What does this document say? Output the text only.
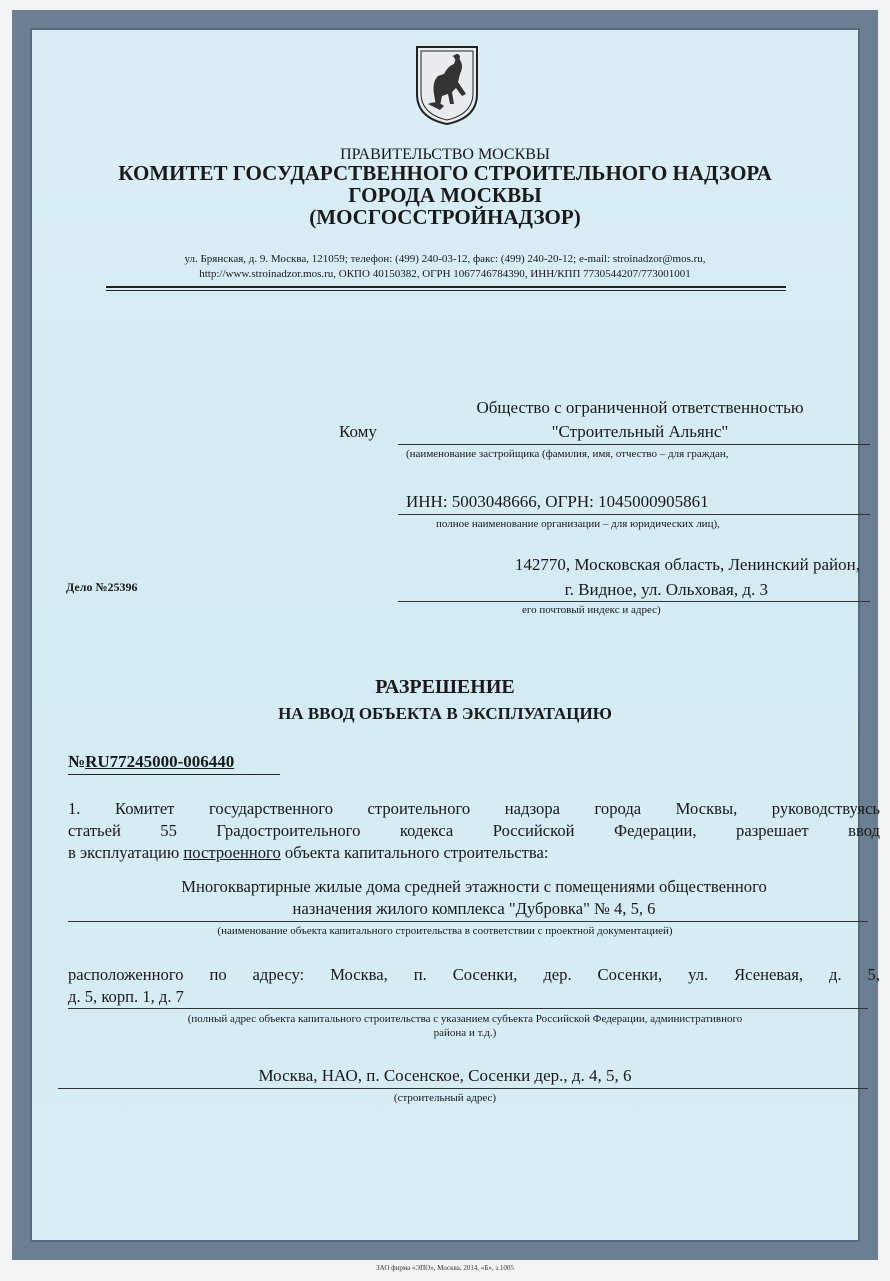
ПРАВИТЕЛЬСТВО МОСКВЫ
КОМИТЕТ ГОСУДАРСТВЕННОГО СТРОИТЕЛЬНОГО НАДЗОРА
ГОРОДА МОСКВЫ
(МОСГОССТРОЙНАДЗОР)
ул. Брянская, д. 9. Москва, 121059; телефон: (499) 240-03-12, факс: (499) 240-20-12; e-mail: stroinadzor@mos.ru,
http://www.stroinadzor.mos.ru, ОКПО 40150382, ОГРН 1067746784390, ИНН/КПП 7730544207/773001001
Кому
Общество с ограниченной ответственностью
"Строительный Альянс"
(наименование застройщика (фамилия, имя, отчество – для граждан,
ИНН: 5003048666, ОГРН: 1045000905861
полное наименование организации – для юридических лиц),
142770, Московская область, Ленинский район,
г. Видное, ул. Ольховая, д. 3
его почтовый индекс и адрес)
Дело №25396
РАЗРЕШЕНИЕ
НА ВВОД ОБЪЕКТА В ЭКСПЛУАТАЦИЮ
№RU77245000-006440
1. Комитет государственного строительного надзора города Москвы, руководствуясь
статьей 55 Градостроительного кодекса Российской Федерации, разрешает ввод
в эксплуатацию построенного объекта капитального строительства:
Многоквартирные жилые дома средней этажности с помещениями общественного
назначения жилого комплекса "Дубровка" № 4, 5, 6
(наименование объекта капитального строительства в соответствии с проектной документацией)
расположенного по адресу: Москва, п. Сосенки, дер. Сосенки, ул. Ясеневая, д. 5,
д. 5, корп. 1, д. 7
(полный адрес объекта капитального строительства с указанием субъекта Российской Федерации, административного
района и т.д.)
Москва, НАО, п. Сосенское, Сосенки дер., д. 4, 5, 6
(строительный адрес)
ЗАО фирма «ЭПО», Москва, 2014, «Б», з.1005
